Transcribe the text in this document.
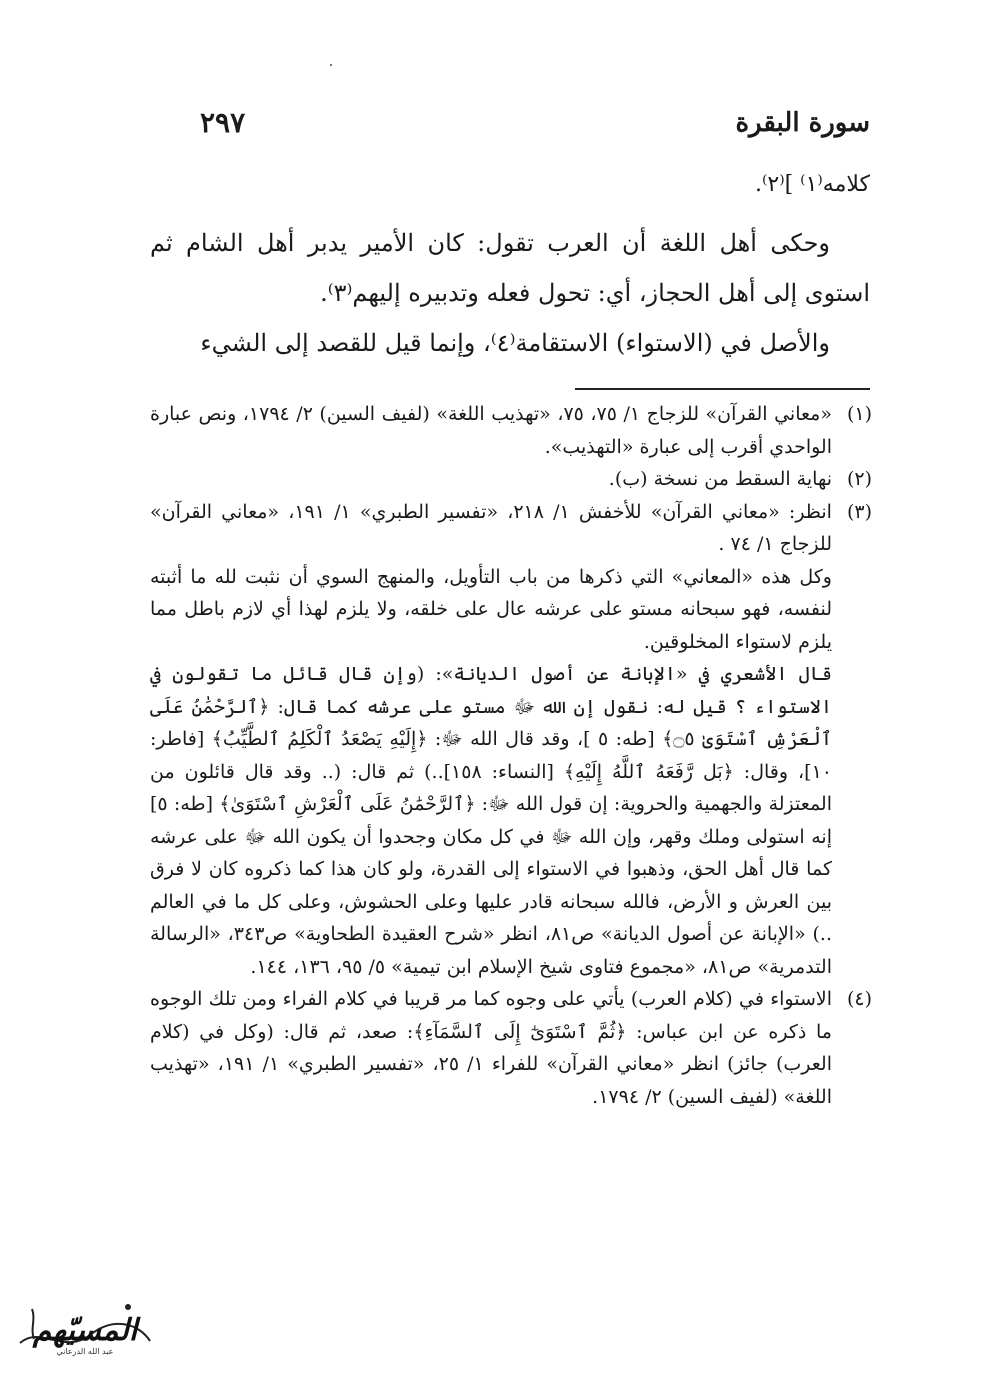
٢٩٧	سورة البقرة

كلامه⁽١⁾ ]⁽٢⁾.

وحكى أهل اللغة أن العرب تقول: كان الأمير يدبر أهل الشام ثم استوى إلى أهل الحجاز، أي: تحول فعله وتدبيره إليهم⁽٣⁾.

والأصل في (الاستواء) الاستقامة⁽٤⁾، وإنما قيل للقصد إلى الشيء

(١)
«معاني القرآن» للزجاج ١/ ٧٥، ٧٥، «تهذيب اللغة» (لفيف السين) ٢/ ١٧٩٤، ونص عبارة الواحدي أقرب إلى عبارة «التهذيب».
(٢)
نهاية السقط من نسخة (ب).
(٣)
انظر: «معاني القرآن» للأخفش ١/ ٢١٨، «تفسير الطبري» ١/ ١٩١، «معاني القرآن» للزجاج ١/ ٧٤ .

وكل هذه «المعاني» التي ذكرها من باب التأويل، والمنهج السوي أن نثبت لله ما أثبته لنفسه، فهو سبحانه مستو على عرشه عال على خلقه، ولا يلزم لهذا أي لازم باطل مما يلزم لاستواء المخلوقين.

قال الأشعري في «الإبانة عن أصول الديانة»: (وإن قال قائل ما تقولون في الاستواء ؟ قيل له: نقول إن الله ﷻ مستو على عرشه كما قال: ﴿ٱلرَّحْمَٰنُ عَلَى ٱلْعَرْشِ ٱسْتَوَىٰ ۝٥﴾ [طه: ٥ ]، وقد قال الله ﷻ: ﴿إِلَيْهِ يَصْعَدُ ٱلْكَلِمُ ٱلطَّيِّبُ﴾ [فاطر: ١٠]، وقال: ﴿بَل رَّفَعَهُ ٱللَّهُ إِلَيْهِ﴾ [النساء: ١٥٨]..) ثم قال: (.. وقد قال قائلون من المعتزلة والجهمية والحروية: إن قول الله ﷻ: ﴿ٱلرَّحْمَٰنُ عَلَى ٱلْعَرْشِ ٱسْتَوَىٰ﴾ [طه: ٥] إنه استولى وملك وقهر، وإن الله ﷻ في كل مكان وجحدوا أن يكون الله ﷻ على عرشه كما قال أهل الحق، وذهبوا في الاستواء إلى القدرة، ولو كان هذا كما ذكروه كان لا فرق بين العرش و الأرض، فالله سبحانه قادر عليها وعلى الحشوش، وعلى كل ما في العالم ..) «الإبانة عن أصول الديانة» ص٨١، انظر «شرح العقيدة الطحاوية» ص٣٤٣، «الرسالة التدمرية» ص٨١، «مجموع فتاوى شيخ الإسلام ابن تيمية» ٥/ ٩٥، ١٣٦، ١٤٤.

(٤)
الاستواء في (كلام العرب) يأتي على وجوه كما مر قريبا في كلام الفراء ومن تلك الوجوه ما ذكره عن ابن عباس: ﴿ثُمَّ ٱسْتَوَىٰٓ إِلَى ٱلسَّمَآءِ﴾: صعد، ثم قال: (وكل في (كلام العرب) جائز) انظر «معاني القرآن» للفراء ١/ ٢٥، «تفسير الطبري» ١/ ١٩١، «تهذيب اللغة» (لفيف السين) ٢/ ١٧٩٤.
المسيّهم
عبد الله الدرعاني
